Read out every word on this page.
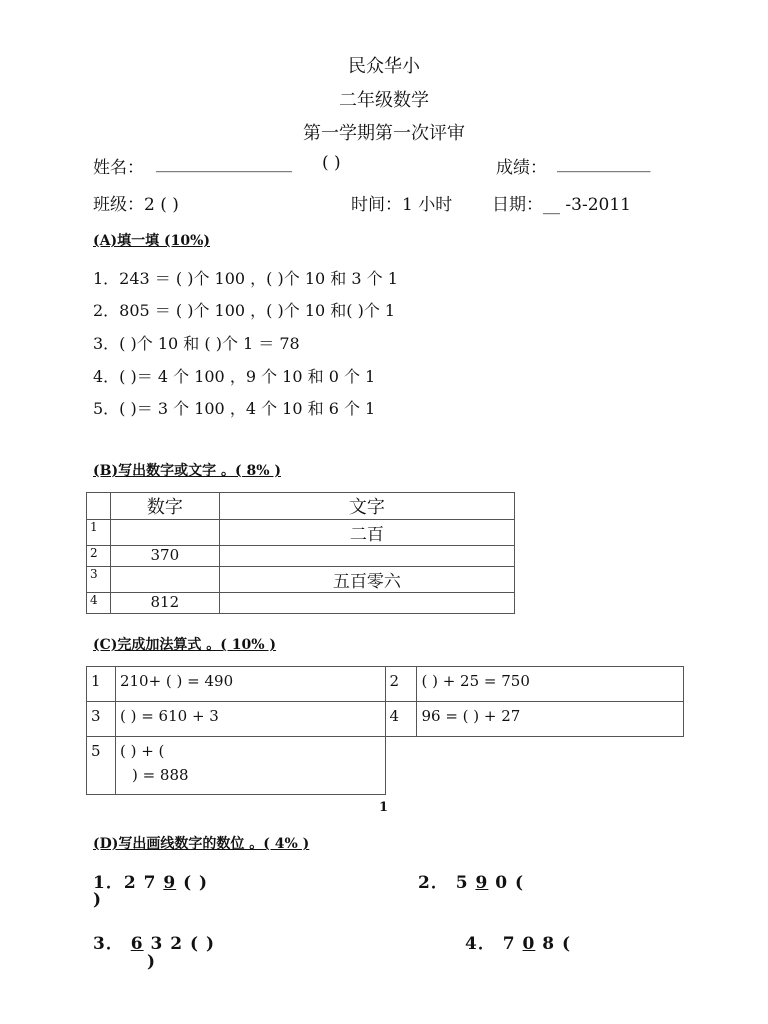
民众华小
二年级数学
第一学期第一次评审
姓名： ________________ ( )	成绩： ___________
班级：2 ( )	时间：1 小时 日期：__ -3-2011
(A)填一填 (10%)
1．243 ＝ ( )个 100 ，( )个 10 和 3 个 1
2．805 ＝ ( )个 100 ，( )个 10 和( )个 1
3．( )个 10 和 ( )个 1 ＝ 78
4．( )＝ 4 个 100 ，9 个 10 和 0 个 1
5．( )＝ 3 个 100 ，4 个 10 和 6 个 1
(B)写出数字或文字 。( 8% )
	数字	文字
1		二百
2	370	
3		五百零六
4	812	
(C)完成加法算式 。( 10% )
1	210+ ( ) = 490	2	( ) + 25 = 750
3	( ) = 610 + 3	4	96 = ( ) + 27
5	( ) + (
) = 888		

1
(D)写出画线数字的数位 。( 4% )
1．2 7 9 ( )
)
2． 5 9 0 (
3． 6 3 2 ( )	4． 7 0 8 (
)
